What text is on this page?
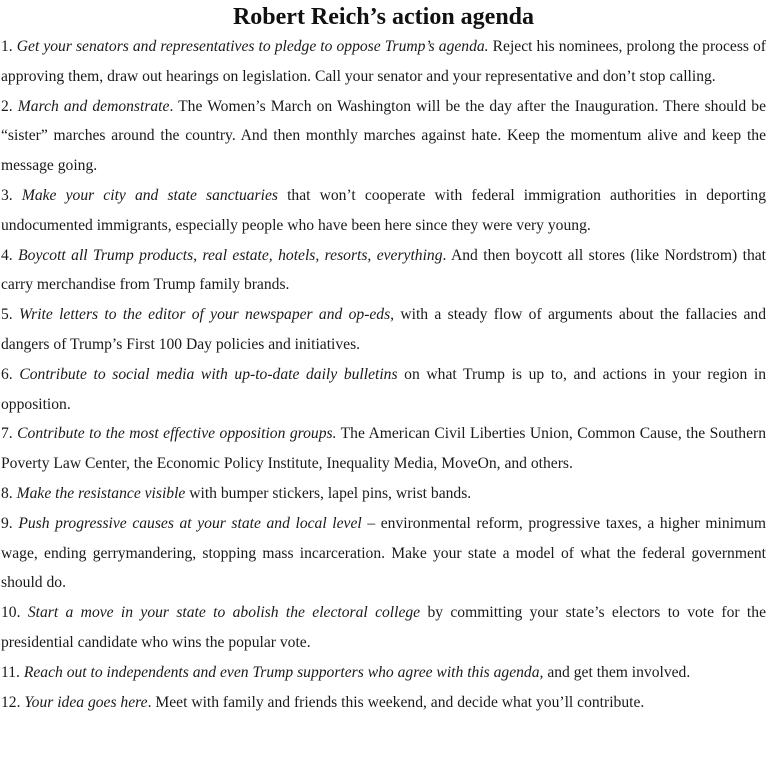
Robert Reich’s action agenda
1. Get your senators and representatives to pledge to oppose Trump’s agenda. Reject his nominees, prolong the process of approving them, draw out hearings on legislation. Call your senator and your representative and don’t stop calling.
2. March and demonstrate. The Women’s March on Washington will be the day after the Inauguration. There should be “sister” marches around the country. And then monthly marches against hate. Keep the momentum alive and keep the message going.
3. Make your city and state sanctuaries that won’t cooperate with federal immigration authorities in deporting undocumented immigrants, especially people who have been here since they were very young.
4. Boycott all Trump products, real estate, hotels, resorts, everything. And then boycott all stores (like Nordstrom) that carry merchandise from Trump family brands.
5. Write letters to the editor of your newspaper and op-eds, with a steady flow of arguments about the fallacies and dangers of Trump’s First 100 Day policies and initiatives.
6. Contribute to social media with up-to-date daily bulletins on what Trump is up to, and actions in your region in opposition.
7. Contribute to the most effective opposition groups. The American Civil Liberties Union, Common Cause, the Southern Poverty Law Center, the Economic Policy Institute, Inequality Media, MoveOn, and others.
8. Make the resistance visible with bumper stickers, lapel pins, wrist bands.
9. Push progressive causes at your state and local level – environmental reform, progressive taxes, a higher minimum wage, ending gerrymandering, stopping mass incarceration. Make your state a model of what the federal government should do.
10. Start a move in your state to abolish the electoral college by committing your state’s electors to vote for the presidential candidate who wins the popular vote.
11. Reach out to independents and even Trump supporters who agree with this agenda, and get them involved.
12. Your idea goes here. Meet with family and friends this weekend, and decide what you’ll contribute.
